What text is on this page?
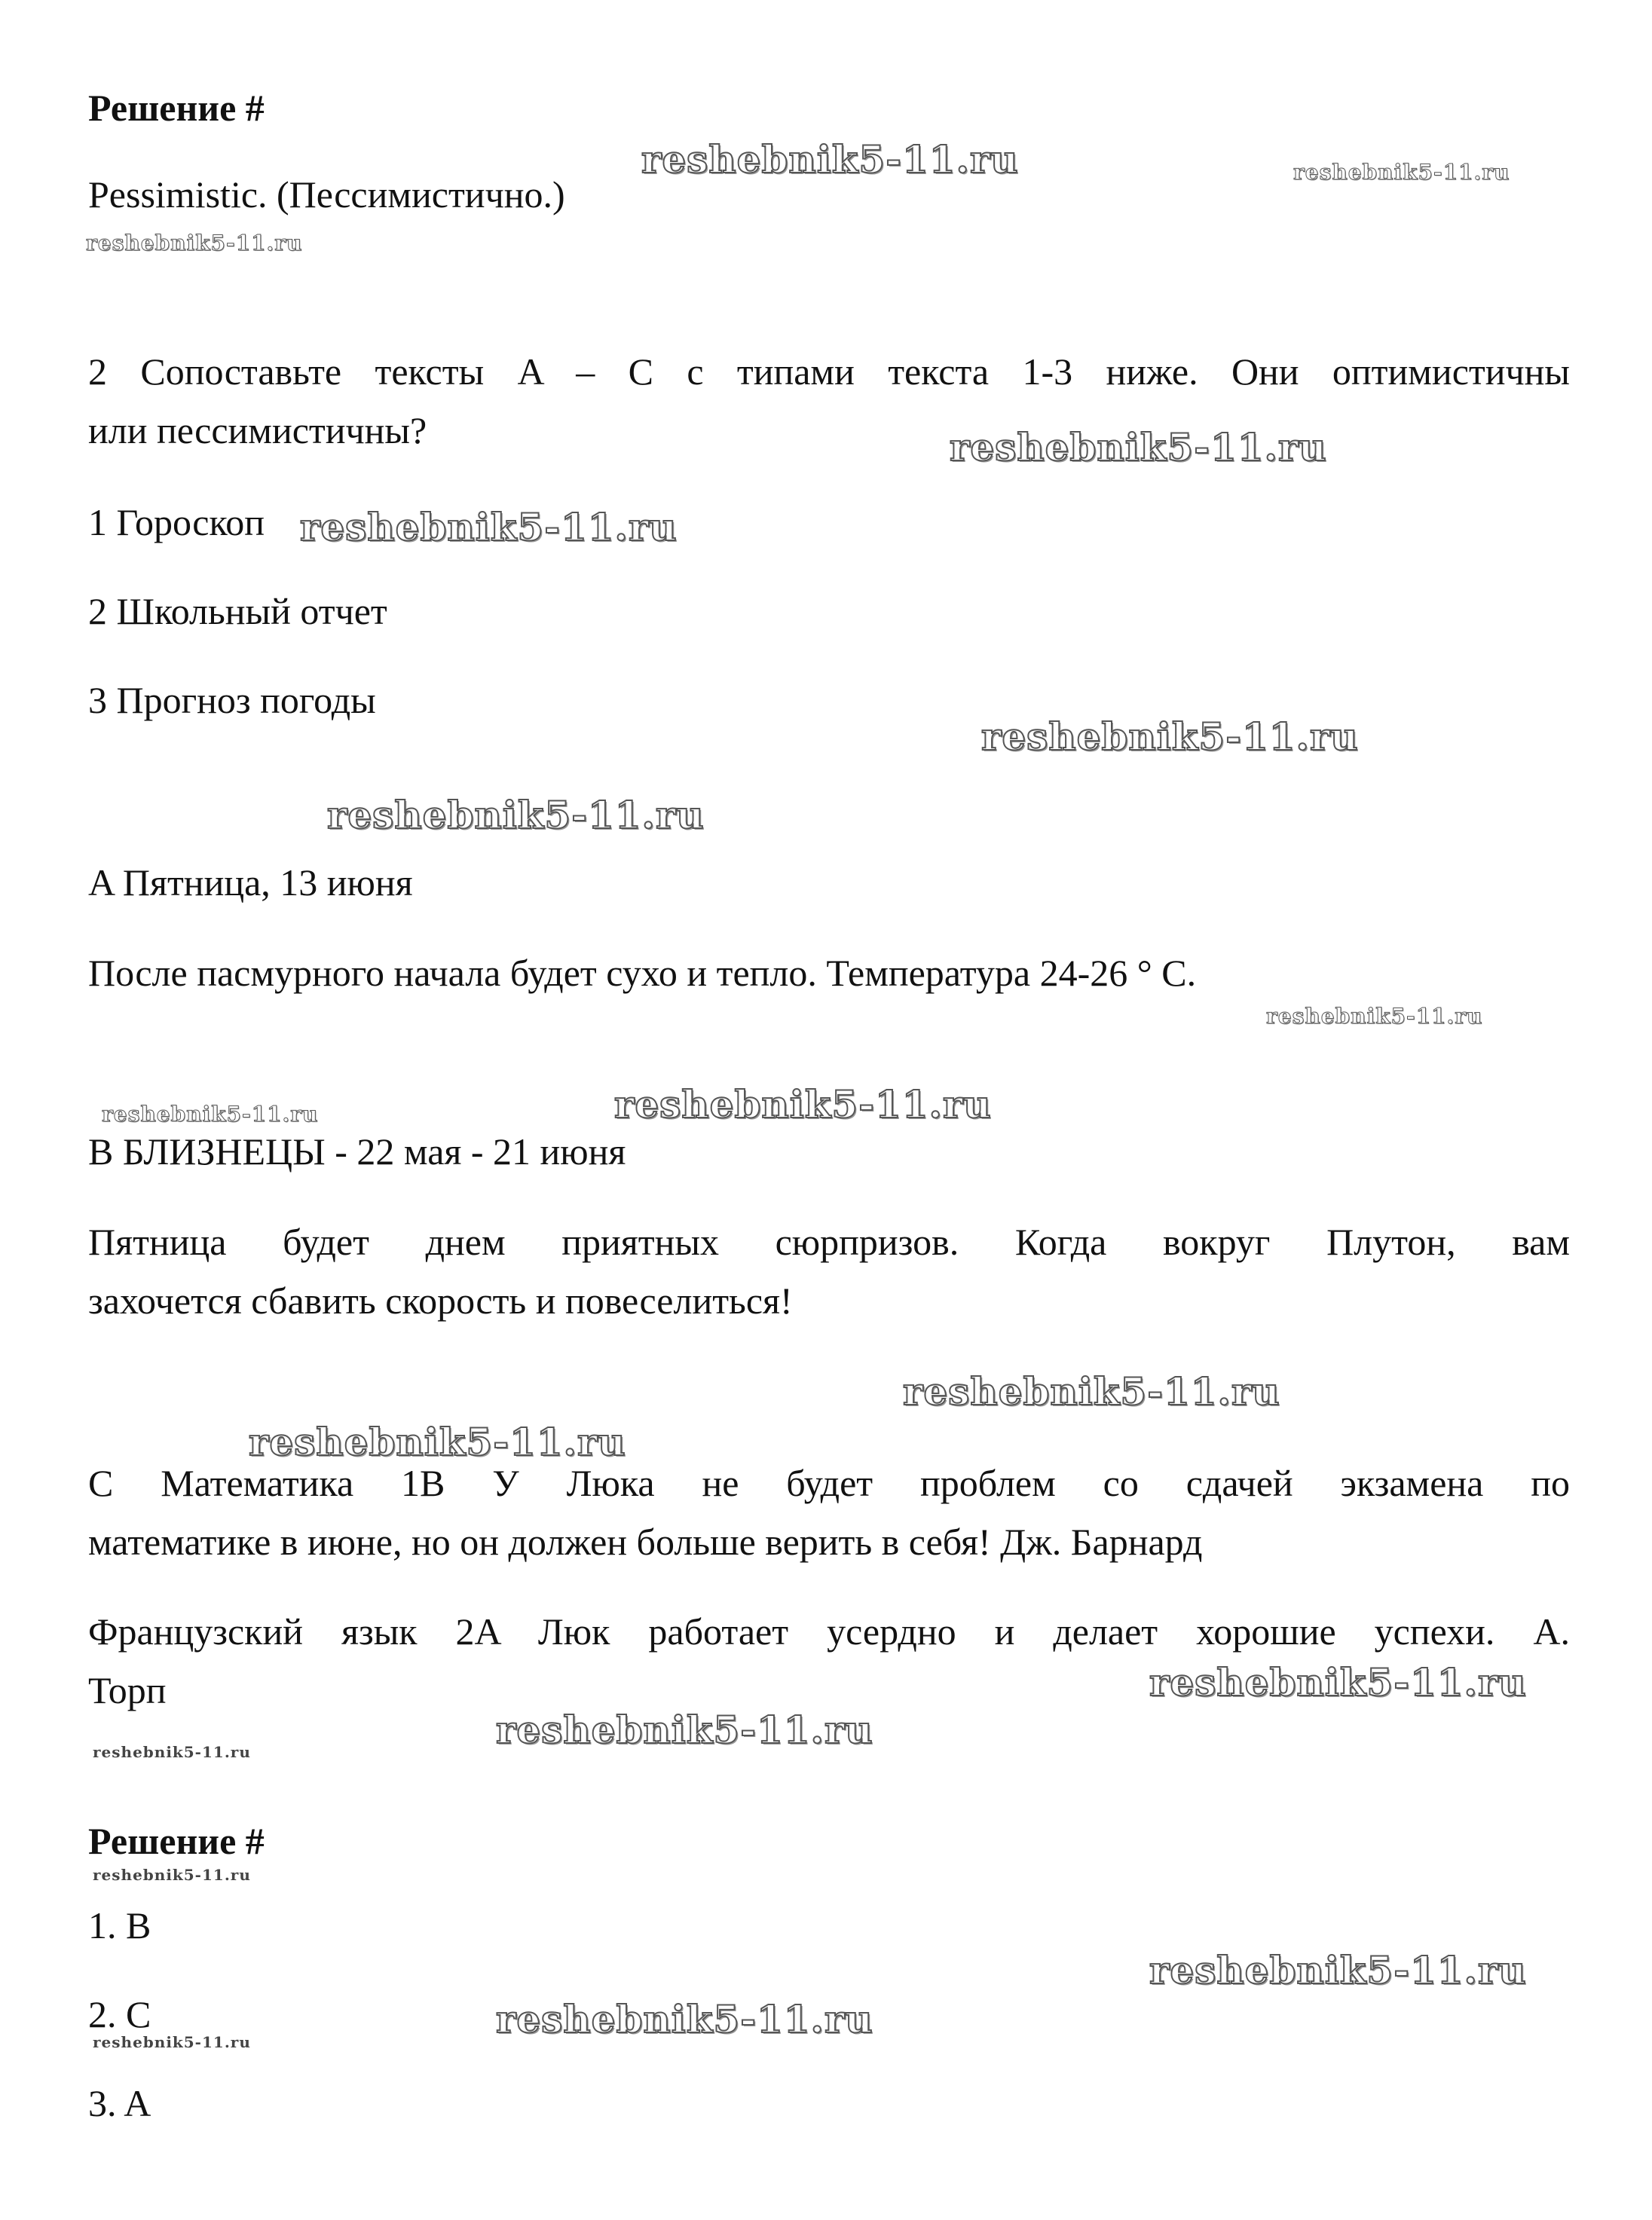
Решение #
Pessimistic. (Пессимистично.)
2 Сопоставьте тексты A – C с типами текста 1-3 ниже. Они оптимистичны
или пессимистичны?
1 Гороскоп
2 Школьный отчет
3 Прогноз погоды
A Пятница, 13 июня
После пасмурного начала будет сухо и тепло. Температура 24-26 ° C.
B БЛИЗНЕЦЫ - 22 мая - 21 июня
Пятница будет днем приятных сюрпризов. Когда вокруг Плутон, вам
захочется сбавить скорость и повеселиться!
C Математика 1B У Люка не будет проблем со сдачей экзамена по
математике в июне, но он должен больше верить в себя! Дж. Барнард
Французский язык 2A Люк работает усердно и делает хорошие успехи. A.
Торп
Решение #
1. B
2. C
3. A
reshebnik5-11.ru	reshebnik5-11.ru
reshebnik5-11.ru
reshebnik5-11.ru
reshebnik5-11.ru
reshebnik5-11.ru
reshebnik5-11.ru
reshebnik5-11.ru
reshebnik5-11.ru	reshebnik5-11.ru
reshebnik5-11.ru
reshebnik5-11.ru
reshebnik5-11.ru
reshebnik5-11.ru
reshebnik5-11.ru
reshebnik5-11.ru
reshebnik5-11.ru
reshebnik5-11.ru
reshebnik5-11.ru
